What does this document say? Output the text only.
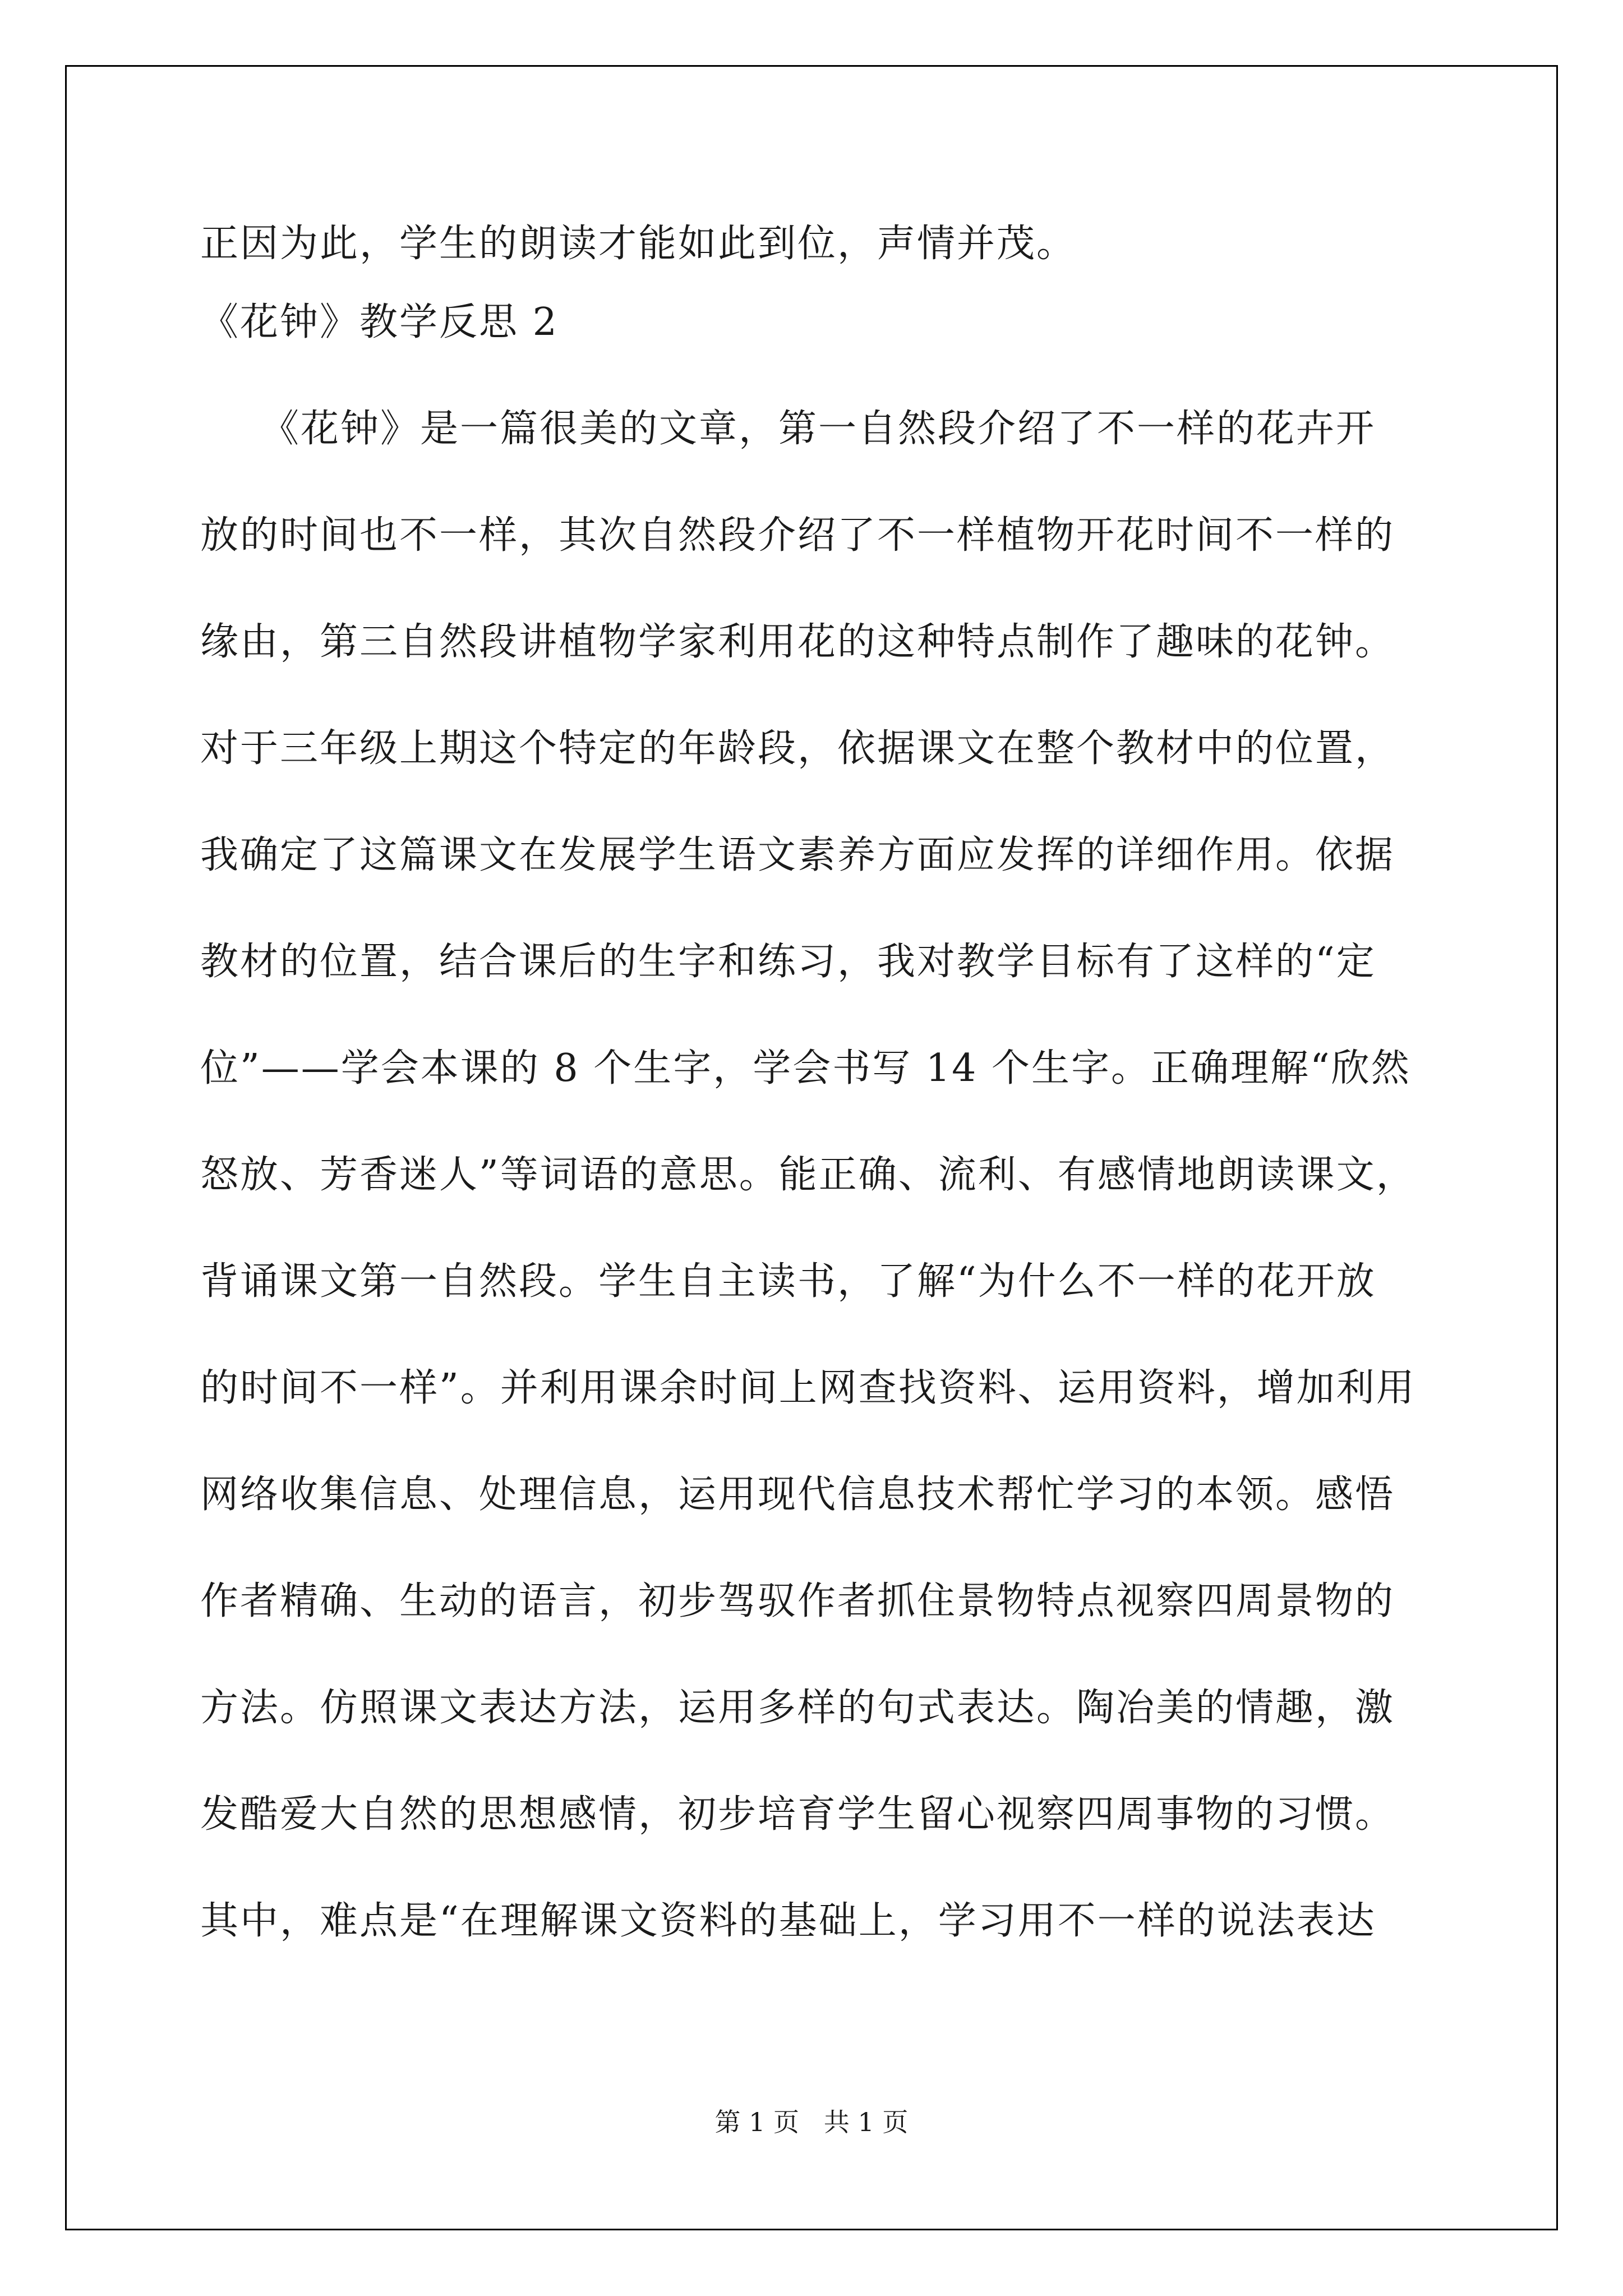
正因为此，学生的朗读才能如此到位，声情并茂。
《花钟》教学反思 2
《花钟》是一篇很美的文章，第一自然段介绍了不一样的花卉开
放的时间也不一样，其次自然段介绍了不一样植物开花时间不一样的
缘由，第三自然段讲植物学家利用花的这种特点制作了趣味的花钟。
对于三年级上期这个特定的年龄段，依据课文在整个教材中的位置，
我确定了这篇课文在发展学生语文素养方面应发挥的详细作用。依据
教材的位置，结合课后的生字和练习，我对教学目标有了这样的“定
位”——学会本课的 8 个生字，学会书写 14 个生字。正确理解“欣然
怒放、芳香迷人”等词语的意思。能正确、流利、有感情地朗读课文，
背诵课文第一自然段。学生自主读书，了解“为什么不一样的花开放
的时间不一样”。并利用课余时间上网查找资料、运用资料，增加利用
网络收集信息、处理信息，运用现代信息技术帮忙学习的本领。感悟
作者精确、生动的语言，初步驾驭作者抓住景物特点视察四周景物的
方法。仿照课文表达方法，运用多样的句式表达。陶冶美的情趣，激
发酷爱大自然的思想感情，初步培育学生留心视察四周事物的习惯。
其中，难点是“在理解课文资料的基础上，学习用不一样的说法表达
第 1 页   共 1 页
